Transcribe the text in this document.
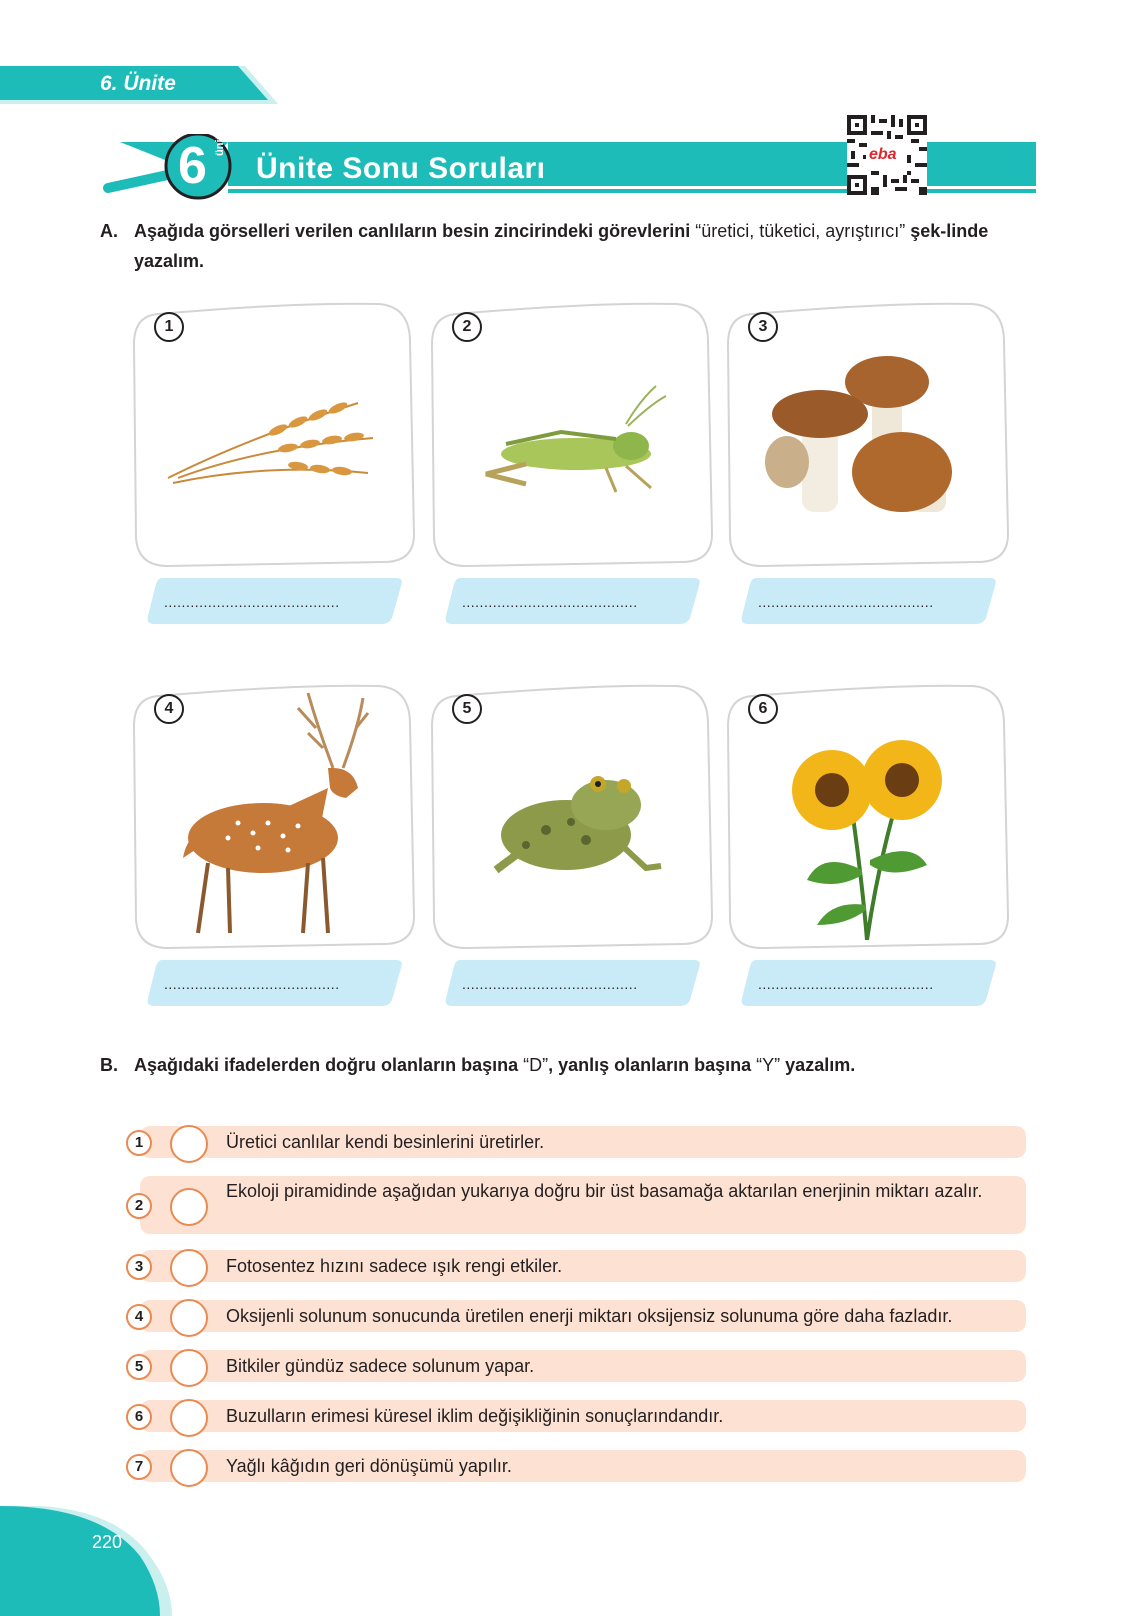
6. Ünite
6 ünite
Ünite Sonu Soruları	eba
A. Aşağıda görselleri verilen canlıların besin zincirindeki görevlerini “üretici, tüketici, ayrıştırıcı” şek-linde yazalım.
1	2	3
4	5	6
........................................	........................................	........................................
........................................	........................................	........................................
B. Aşağıdaki ifadelerden doğru olanların başına “D”, yanlış olanların başına “Y” yazalım.
1	Üretici canlılar kendi besinlerini üretirler.
2
Ekoloji piramidinde aşağıdan yukarıya doğru bir üst basamağa aktarılan enerjinin miktarı azalır.
3	Fotosentez hızını sadece ışık rengi etkiler.
4	Oksijenli solunum sonucunda üretilen enerji miktarı oksijensiz solunuma göre daha fazladır.
5	Bitkiler gündüz sadece solunum yapar.
6	Buzulların erimesi küresel iklim değişikliğinin sonuçlarındandır.
7	Yağlı kâğıdın geri dönüşümü yapılır.
220
